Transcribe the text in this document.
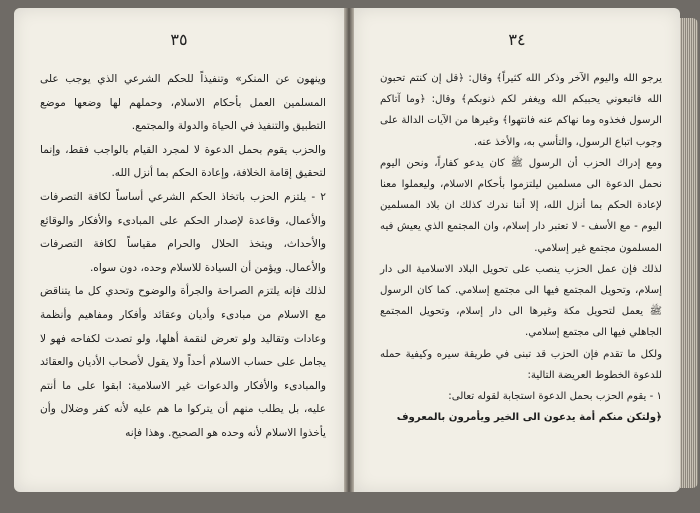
٣٥

وينهون عن المنكر» وتنفيذاً للحكم الشرعي الذي يوجب على المسلمين العمل بأحكام الاسلام، وحملهم لها وضعها موضع التطبيق والتنفيذ في الحياة والدولة والمجتمع.

والحزب يقوم بحمل الدعوة لا لمجرد القيام بالواجب فقط، وإنما لتحقيق إقامة الخلافة، وإعادة الحكم بما أنزل الله.

٢ - يلتزم الحزب باتخاذ الحكم الشرعي أساساً لكافة التصرفات والأعمال، وقاعدة لإصدار الحكم على المبادىء والأفكار والوقائع والأحداث، ويتخذ الحلال والحرام مقياساً لكافة التصرفات والأعمال. ويؤمن أن السيادة للاسلام وحده، دون سواه.

لذلك فإنه يلتزم الصراحة والجرأة والوضوح وتحدي كل ما يتناقض مع الاسلام من مبادىء وأديان وعقائد وأفكار ومفاهيم وأنظمة وعادات وتقاليد ولو تعرض لنقمة أهلها، ولو تصدت لكفاحه فهو لا يجامل على حساب الاسلام أحداً ولا يقول لأصحاب الأديان والعقائد والمبادىء والأفكار والدعوات غير الاسلامية: ابقوا على ما أنتم عليه، بل يطلب منهم أن يتركوا ما هم عليه لأنه كفر وضلال وأن يأخذوا الاسلام لأنه وحده هو الصحيح. وهذا فإنه

٣٤

يرجو الله واليوم الآخر وذكر الله كثيراً﴾ وقال: ﴿قل إن كنتم تحبون الله فاتبعوني يحببكم الله ويغفر لكم ذنوبكم﴾ وقال: ﴿وما آتاكم الرسول فخذوه وما نهاكم عنه فانتهوا﴾ وغيرها من الآيات الدالة على وجوب اتباع الرسول، والتأسي به، والأخذ عنه.

ومع إدراك الحزب أن الرسول ﷺ كان يدعو كفاراً، ونحن اليوم نحمل الدعوة الى مسلمين ليلتزموا بأحكام الاسلام، وليعملوا معنا لإعادة الحكم بما أنزل الله، إلا أننا ندرك كذلك ان بلاد المسلمين اليوم - مع الأسف - لا تعتبر دار إسلام، وان المجتمع الذي يعيش فيه المسلمون مجتمع غير إسلامي.

لذلك فإن عمل الحزب ينصب على تحويل البلاد الاسلامية الى دار إسلام، وتحويل المجتمع فيها الى مجتمع إسلامي. كما كان الرسول ﷺ يعمل لتحويل مكة وغيرها الى دار إسلام، وتحويل المجتمع الجاهلي فيها الى مجتمع إسلامي.

ولكل ما تقدم فإن الحزب قد تبنى في طريقة سيره وكيفية حمله للدعوة الخطوط العريضة التالية:

١ - يقوم الحزب بحمل الدعوة استجابة لقوله تعالى:

﴿ولتكن منكم أمة يدعون الى الخير ويأمرون بالمعروف
